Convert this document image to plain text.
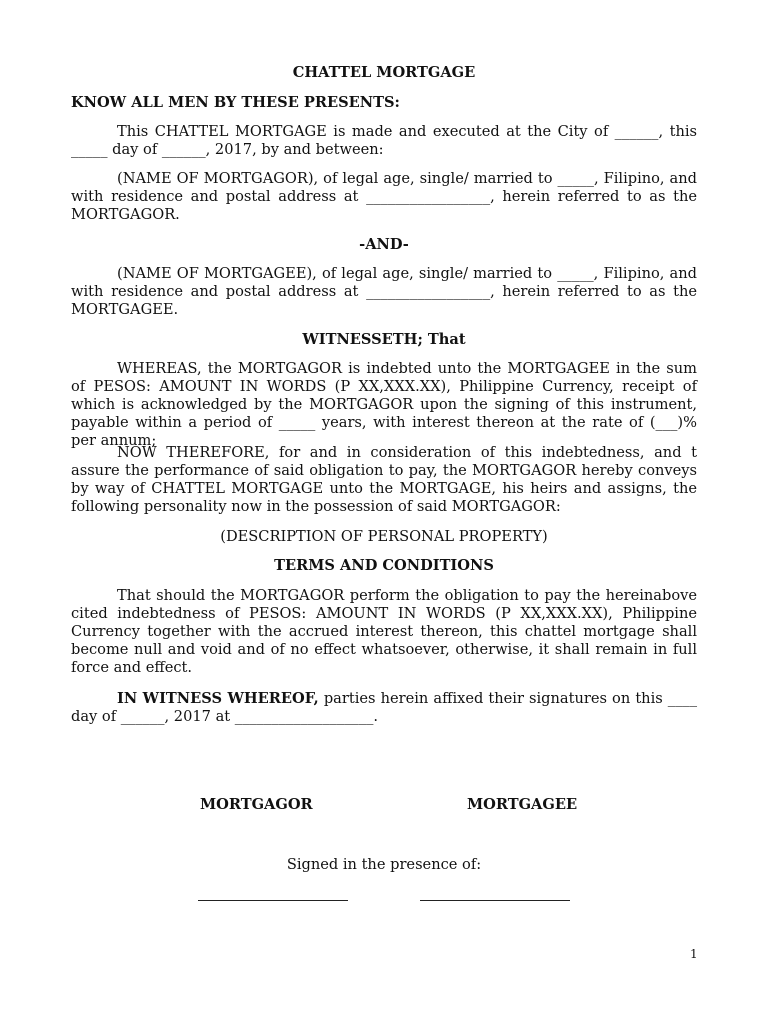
CHATTEL MORTGAGE
KNOW ALL MEN BY THESE PRESENTS:

This CHATTEL MORTGAGE is made and executed at the City of ______, this _____ day of ______, 2017, by and between:

(NAME OF MORTGAGOR), of legal age, single/ married to _____, Filipino, and with residence and postal address at _________________, herein referred to as the MORTGAGOR.

-AND-

(NAME OF MORTGAGEE), of legal age, single/ married to _____, Filipino, and with residence and postal address at _________________, herein referred to as the MORTGAGEE.

WITNESSETH; That

WHEREAS, the MORTGAGOR is indebted unto the MORTGAGEE in the sum of PESOS: AMOUNT IN WORDS (P XX,XXX.XX), Philippine Currency, receipt of which is acknowledged by the MORTGAGOR upon the signing of this instrument, payable within a period of _____ years, with interest thereon at the rate of (___)% per annum;

NOW THEREFORE, for and in consideration of this indebtedness, and t assure the performance of said obligation to pay, the MORTGAGOR hereby conveys by way of CHATTEL MORTGAGE unto the MORTGAGE, his heirs and assigns, the following personality now in the possession of said MORTGAGOR:

(DESCRIPTION OF PERSONAL PROPERTY)
TERMS AND CONDITIONS

That should the MORTGAGOR perform the obligation to pay the hereinabove cited indebtedness of PESOS: AMOUNT IN WORDS (P XX,XXX.XX), Philippine Currency together with the accrued interest thereon, this chattel mortgage shall become null and void and of no effect whatsoever, otherwise, it shall remain in full force and effect.

IN WITNESS WHEREOF, parties herein affixed their signatures on this ____ day of ______, 2017 at ___________________.

MORTGAGOR	MORTGAGEE
Signed in the presence of:
1
